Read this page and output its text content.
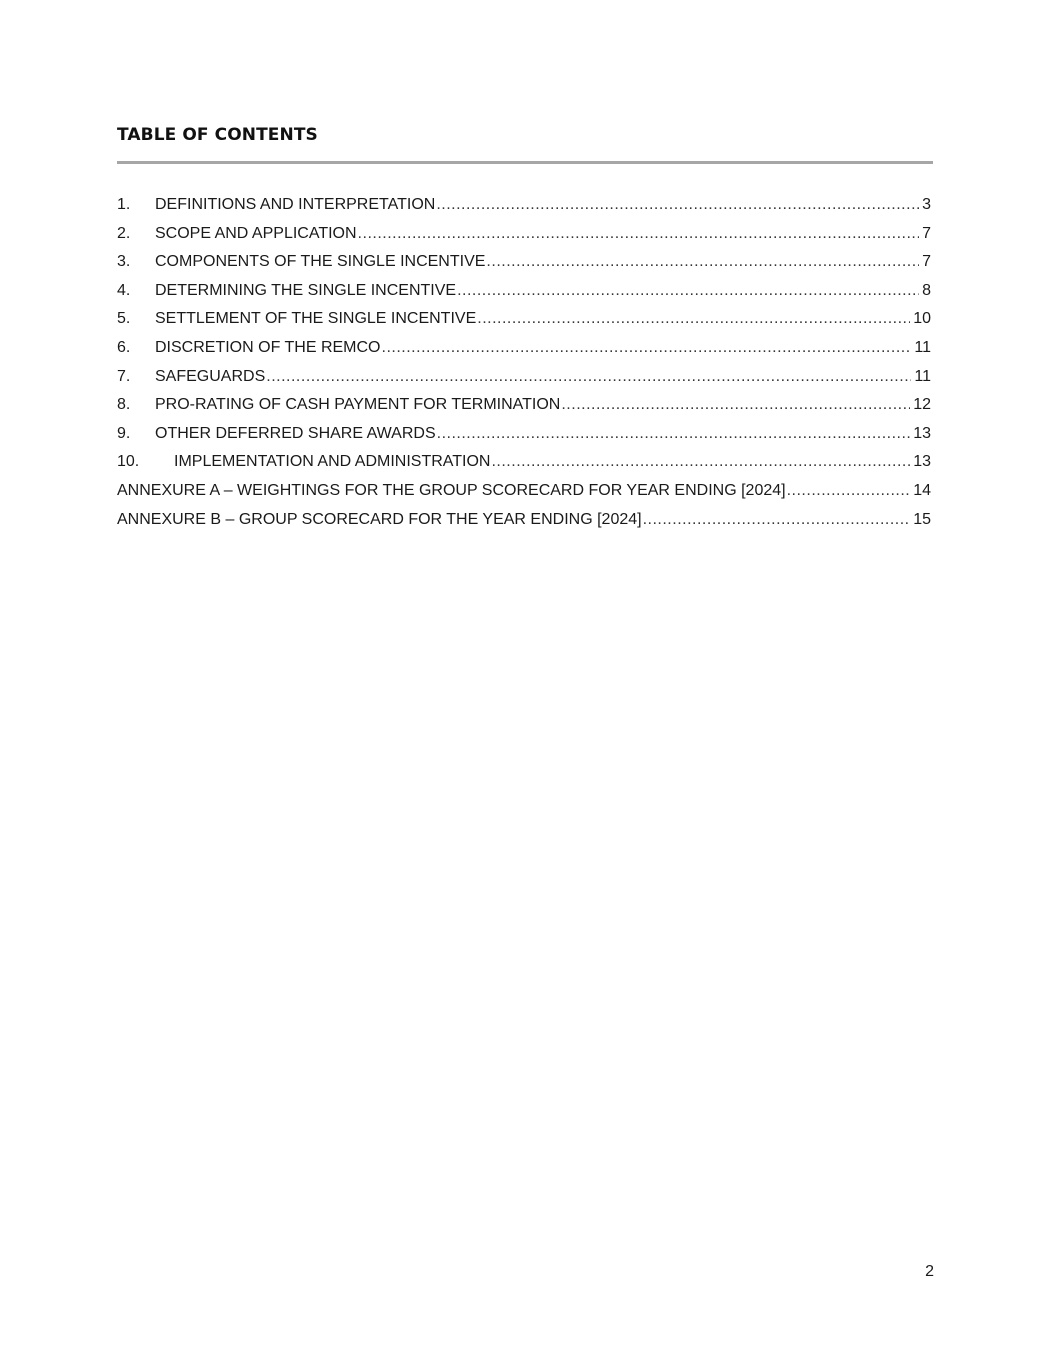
TABLE OF CONTENTS
1.	DEFINITIONS AND INTERPRETATION .....	3
2.	SCOPE AND APPLICATION .....	7
3.	COMPONENTS OF THE SINGLE INCENTIVE .....	7
4.	DETERMINING THE SINGLE INCENTIVE .....	8
5.	SETTLEMENT OF THE SINGLE INCENTIVE .....	10
6.	DISCRETION OF THE REMCO .....	11
7.	SAFEGUARDS .....	11
8.	PRO-RATING OF CASH PAYMENT FOR TERMINATION .....	12
9.	OTHER DEFERRED SHARE AWARDS .....	13
10.	IMPLEMENTATION AND ADMINISTRATION .....	13
ANNEXURE A – WEIGHTINGS FOR THE GROUP SCORECARD FOR YEAR ENDING [2024] .....	14
ANNEXURE B – GROUP SCORECARD FOR THE YEAR ENDING [2024] .....	15
2
